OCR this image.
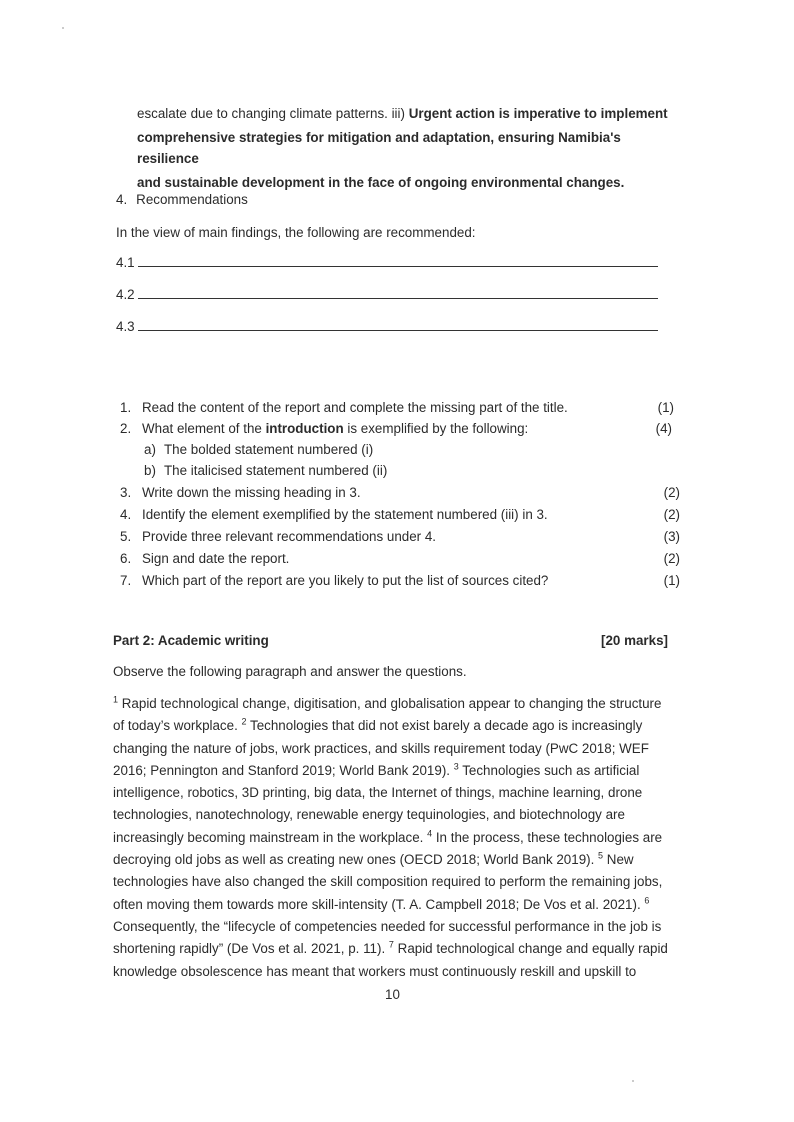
escalate due to changing climate patterns. iii) Urgent action is imperative to implement
comprehensive strategies for mitigation and adaptation, ensuring Namibia's resilience
and sustainable development in the face of ongoing environmental changes.
4. Recommendations
In the view of main findings, the following are recommended:
4.1
4.2
4.3
1. Read the content of the report and complete the missing part of the title.	(1)
2. What element of the introduction is exemplified by the following:	(4)
a) The bolded statement numbered (i)
b) The italicised statement numbered (ii)
3. Write down the missing heading in 3.	(2)
4. Identify the element exemplified by the statement numbered (iii) in 3.	(2)
5. Provide three relevant recommendations under 4.	(3)
6. Sign and date the report.	(2)
7. Which part of the report are you likely to put the list of sources cited?	(1)
Part 2: Academic writing	[20 marks]
Observe the following paragraph and answer the questions.
$^1$ Rapid technological change, digitisation, and globalisation appear to changing the structure
of today’s workplace. $^2$ Technologies that did not exist barely a decade ago is increasingly
changing the nature of jobs, work practices, and skills requirement today (PwC 2018; WEF
2016; Pennington and Stanford 2019; World Bank 2019). $^3$ Technologies such as artificial
intelligence, robotics, 3D printing, big data, the Internet of things, machine learning, drone
technologies, nanotechnology, renewable energy tequinologies, and biotechnology are
increasingly becoming mainstream in the workplace. $^4$ In the process, these technologies are
decroying old jobs as well as creating new ones (OECD 2018; World Bank 2019). $^5$ New
technologies have also changed the skill composition required to perform the remaining jobs,
often moving them towards more skill-intensity (T. A. Campbell 2018; De Vos et al. 2021). $^6$
Consequently, the “lifecycle of competencies needed for successful performance in the job is
shortening rapidly” (De Vos et al. 2021, p. 11). $^7$ Rapid technological change and equally rapid
knowledge obsolescence has meant that workers must continuously reskill and upskill to
10
